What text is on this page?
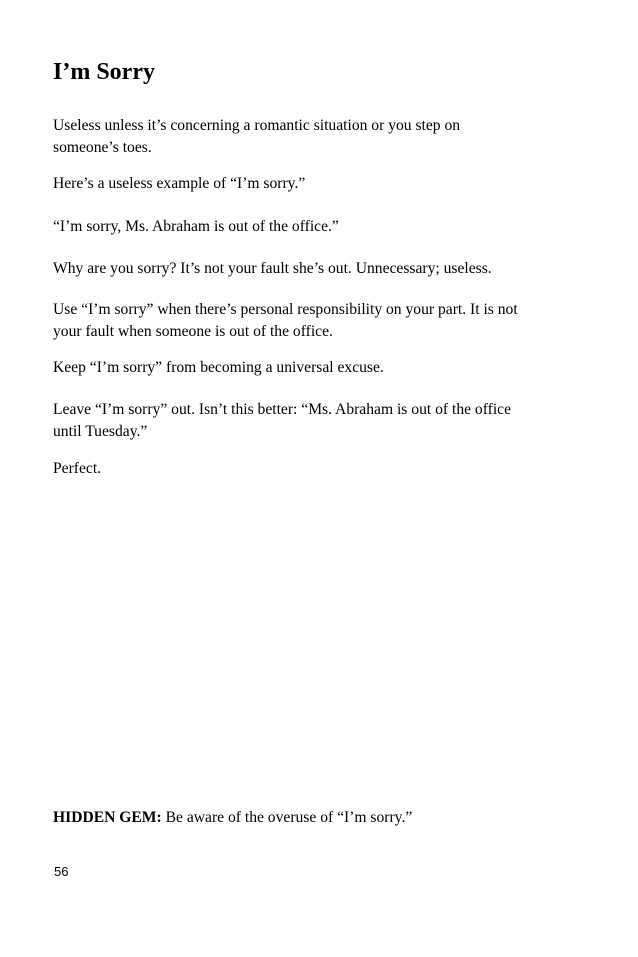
I’m Sorry

Useless unless it’s concerning a romantic situation or you step on
someone’s toes.

Here’s a useless example of “I’m sorry.”

“I’m sorry, Ms. Abraham is out of the office.”

Why are you sorry? It’s not your fault she’s out. Unnecessary; useless.

Use “I’m sorry” when there’s personal responsibility on your part. It is not
your fault when someone is out of the office.

Keep “I’m sorry” from becoming a universal excuse.

Leave “I’m sorry” out. Isn’t this better: “Ms. Abraham is out of the office
until Tuesday.”

Perfect.

HIDDEN GEM: Be aware of the overuse of “I’m sorry.”

56
